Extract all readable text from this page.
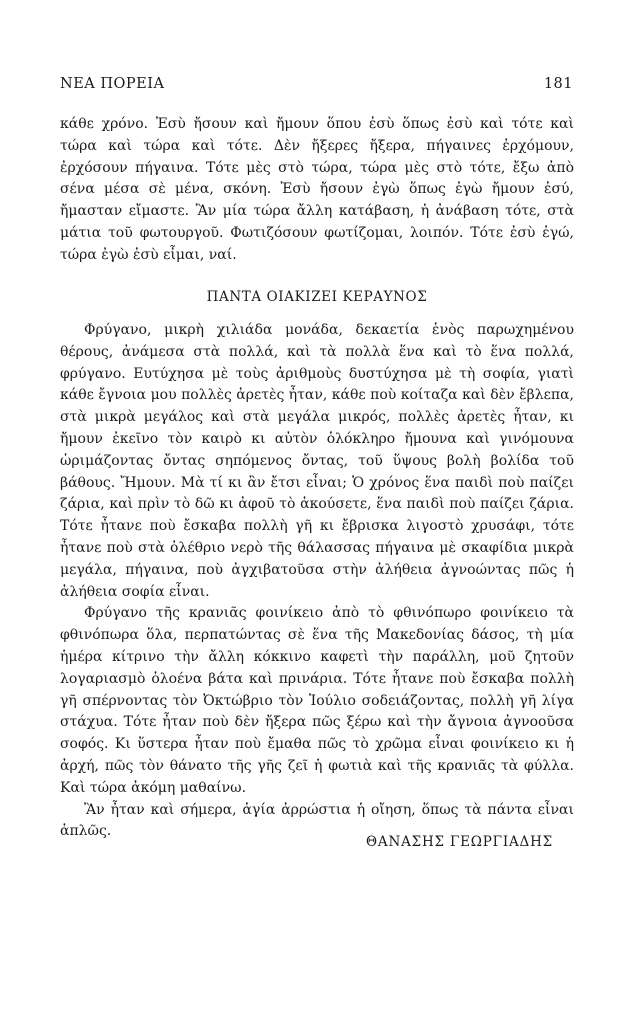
ΝΕΑ ΠΟΡΕΙΑ	181

κάθε χρόνο. Ἐσὺ ἤσουν καὶ ἤμουν ὅπου ἐσὺ ὅπως ἐσὺ καὶ τότε καὶ τώρα καὶ τώρα καὶ τότε. Δὲν ἤξερες ἤξερα, πήγαινες ἐρχόμουν, ἐρχόσουν πήγαινα. Τότε μὲς στὸ τώρα, τώρα μὲς στὸ τότε, ἔξω ἀπὸ σένα μέσα σὲ μένα, σκόνη. Ἐσὺ ἤσουν ἐγὼ ὅπως ἐγὼ ἤμουν ἐσύ, ἤμασταν εἴμαστε. Ἂν μία τώρα ἄλλη κατάβαση, ἡ ἀνάβαση τότε, στὰ μάτια τοῦ φωτουργοῦ. Φωτιζόσουν φωτίζομαι, λοιπόν. Τότε ἐσὺ ἐγώ, τώρα ἐγὼ ἐσὺ εἶμαι, ναί.

ΠΑΝΤΑ ΟΙΑΚΙΖΕΙ ΚΕΡΑΥΝΟΣ

Φρύγανο, μικρὴ χιλιάδα μονάδα, δεκαετία ἑνὸς παρωχημένου θέρους, ἀνάμεσα στὰ πολλά, καὶ τὰ πολλὰ ἕνα καὶ τὸ ἕνα πολλά, φρύγανο. Ευτύχησα μὲ τοὺς ἀριθμοὺς δυστύχησα μὲ τὴ σοφία, γιατὶ κάθε ἔγνοια μου πολλὲς ἀρετὲς ἦταν, κάθε ποὺ κοίταζα καὶ δὲν ἔβλεπα, στὰ μικρὰ μεγάλος καὶ στὰ μεγάλα μικρός, πολλὲς ἀρετὲς ἦταν, κι ἤμουν ἐκεῖνο τὸν καιρὸ κι αὐτὸν ὁλόκληρο ἤμουνα καὶ γινόμουνα ὡριμάζοντας ὄντας σηπόμενος ὄντας, τοῦ ὕψους βολὴ βολίδα τοῦ βάθους. Ἤμουν. Μὰ τί κι ἂν ἔτσι εἶναι; Ὁ χρόνος ἕνα παιδὶ ποὺ παίζει ζάρια, καὶ πρὶν τὸ δῶ κι ἀφοῦ τὸ ἀκούσετε, ἕνα παιδὶ ποὺ παίζει ζάρια. Τότε ἦτανε ποὺ ἔσκαβα πολλὴ γῆ κι ἔβρισκα λιγοστὸ χρυσάφι, τότε ἦτανε ποὺ στὰ ὀλέθριο νερὸ τῆς θάλασσας πήγαινα μὲ σκαφίδια μικρὰ μεγάλα, πήγαινα, ποὺ ἀγχιβατοῦσα στὴν ἀλήθεια ἀγνοώντας πῶς ἡ ἀλήθεια σοφία εἶναι.

Φρύγανο τῆς κρανιᾶς φοινίκειο ἀπὸ τὸ φθινόπωρο φοινίκειο τὰ φθινόπωρα ὅλα, περπατώντας σὲ ἕνα τῆς Μακεδονίας δάσος, τὴ μία ἡμέρα κίτρινο τὴν ἄλλη κόκκινο καφετὶ τὴν παράλλη, μοῦ ζητοῦν λογαριασμὸ ὁλοένα βάτα καὶ πρινάρια. Τότε ἦτανε ποὺ ἔσκαβα πολλὴ γῆ σπέρνοντας τὸν Ὀκτώβριο τὸν Ἰούλιο σοδειάζοντας, πολλὴ γῆ λίγα στάχυα. Τότε ἦταν ποὺ δὲν ἤξερα πῶς ξέρω καὶ τὴν ἄγνοια ἀγνοοῦσα σοφός. Κι ὕστερα ἦταν ποὺ ἔμαθα πῶς τὸ χρῶμα εἶναι φοινίκειο κι ἡ ἀρχή, πῶς τὸν θάνατο τῆς γῆς ζεῖ ἡ φωτιὰ καὶ τῆς κρανιᾶς τὰ φύλλα. Καὶ τώρα ἀκόμη μαθαίνω.

Ἂν ἦταν καὶ σήμερα, ἁγία ἀρρώστια ἡ οἴηση, ὅπως τὰ πάντα εἶναι ἁπλῶς.

ΘΑΝΑΣΗΣ ΓΕΩΡΓΙΑΔΗΣ
